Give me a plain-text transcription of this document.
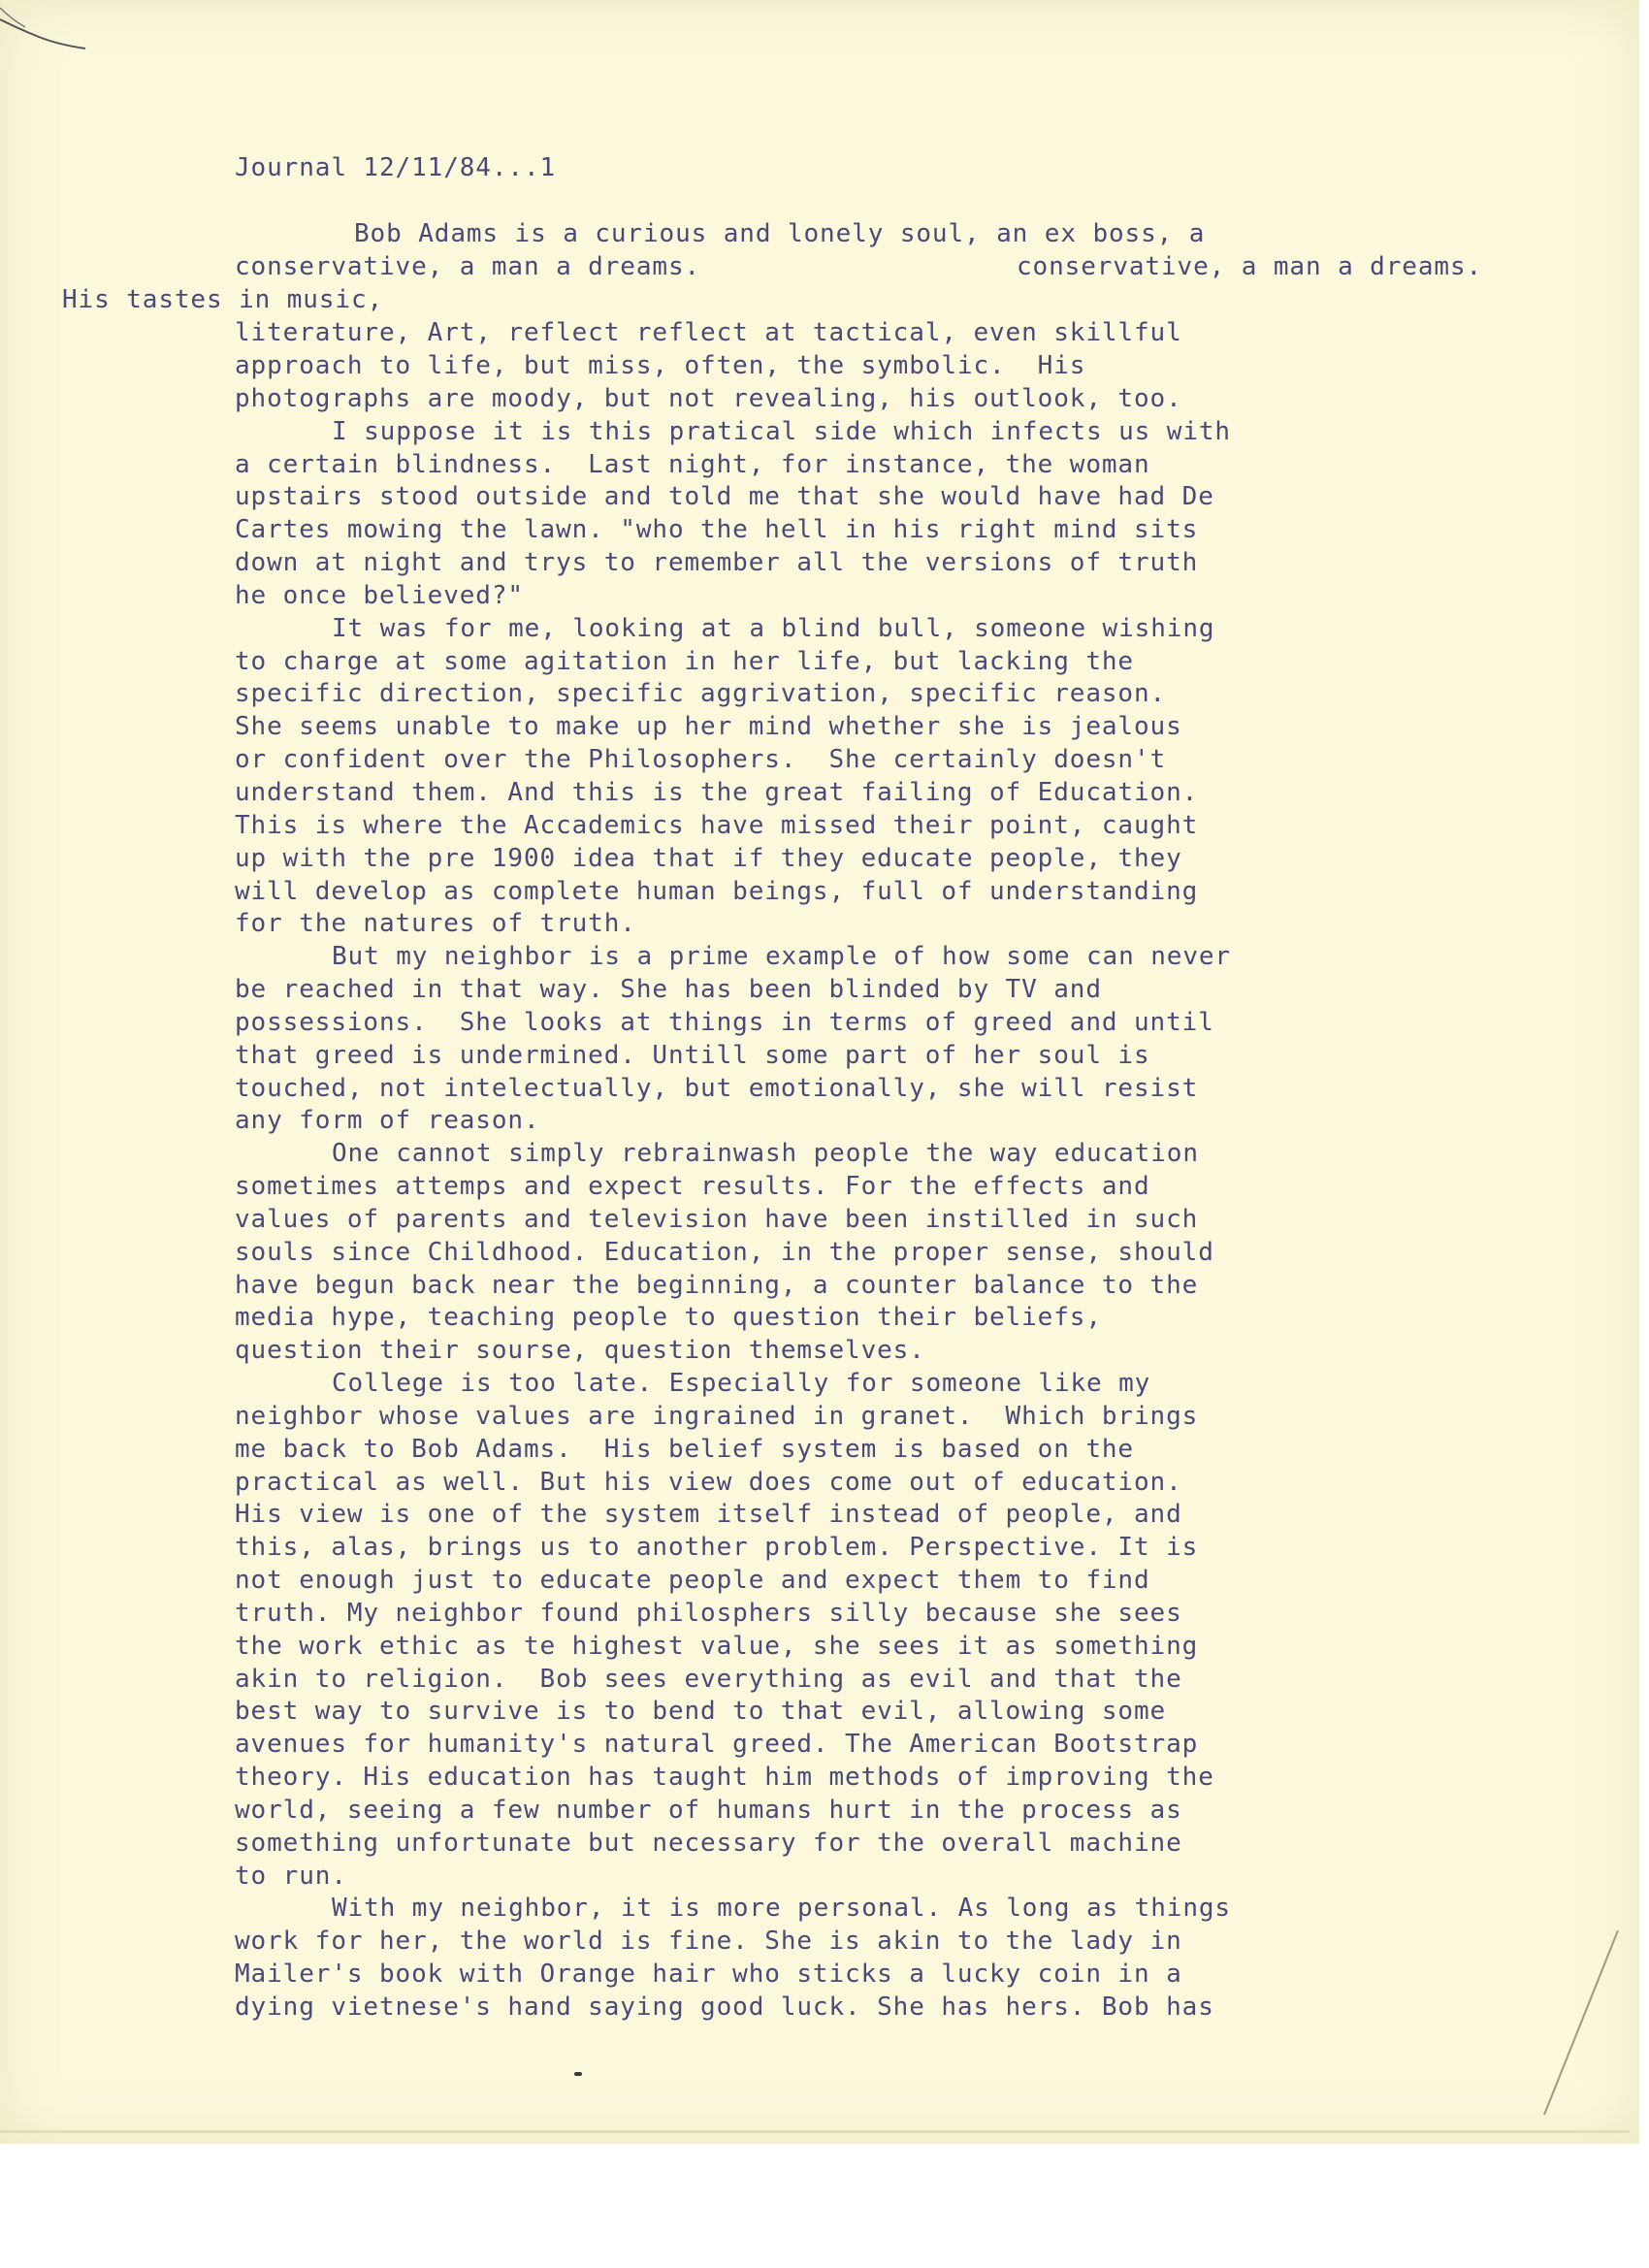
Journal 12/11/84...1
Bob Adams is a curious and lonely soul, an ex boss, a
conservative, a man a dreams.	conservative, a man a dreams.
His tastes in music,
literature, Art, reflect reflect at tactical, even skillful
approach to life, but miss, often, the symbolic.  His
photographs are moody, but not revealing, his outlook, too.
I suppose it is this pratical side which infects us with
a certain blindness.  Last night, for instance, the woman
upstairs stood outside and told me that she would have had De
Cartes mowing the lawn. "who the hell in his right mind sits
down at night and trys to remember all the versions of truth
he once believed?"
It was for me, looking at a blind bull, someone wishing
to charge at some agitation in her life, but lacking the
specific direction, specific aggrivation, specific reason.
She seems unable to make up her mind whether she is jealous
or confident over the Philosophers.  She certainly doesn't
understand them. And this is the great failing of Education.
This is where the Accademics have missed their point, caught
up with the pre 1900 idea that if they educate people, they
will develop as complete human beings, full of understanding
for the natures of truth.
But my neighbor is a prime example of how some can never
be reached in that way. She has been blinded by TV and
possessions.  She looks at things in terms of greed and until
that greed is undermined. Untill some part of her soul is
touched, not intelectually, but emotionally, she will resist
any form of reason.
One cannot simply rebrainwash people the way education
sometimes attemps and expect results. For the effects and
values of parents and television have been instilled in such
souls since Childhood. Education, in the proper sense, should
have begun back near the beginning, a counter balance to the
media hype, teaching people to question their beliefs,
question their sourse, question themselves.
College is too late. Especially for someone like my
neighbor whose values are ingrained in granet.  Which brings
me back to Bob Adams.  His belief system is based on the
practical as well. But his view does come out of education.
His view is one of the system itself instead of people, and
this, alas, brings us to another problem. Perspective. It is
not enough just to educate people and expect them to find
truth. My neighbor found philosphers silly because she sees
the work ethic as te highest value, she sees it as something
akin to religion.  Bob sees everything as evil and that the
best way to survive is to bend to that evil, allowing some
avenues for humanity's natural greed. The American Bootstrap
theory. His education has taught him methods of improving the
world, seeing a few number of humans hurt in the process as
something unfortunate but necessary for the overall machine
to run.
With my neighbor, it is more personal. As long as things
work for her, the world is fine. She is akin to the lady in
Mailer's book with Orange hair who sticks a lucky coin in a
dying vietnese's hand saying good luck. She has hers. Bob has
